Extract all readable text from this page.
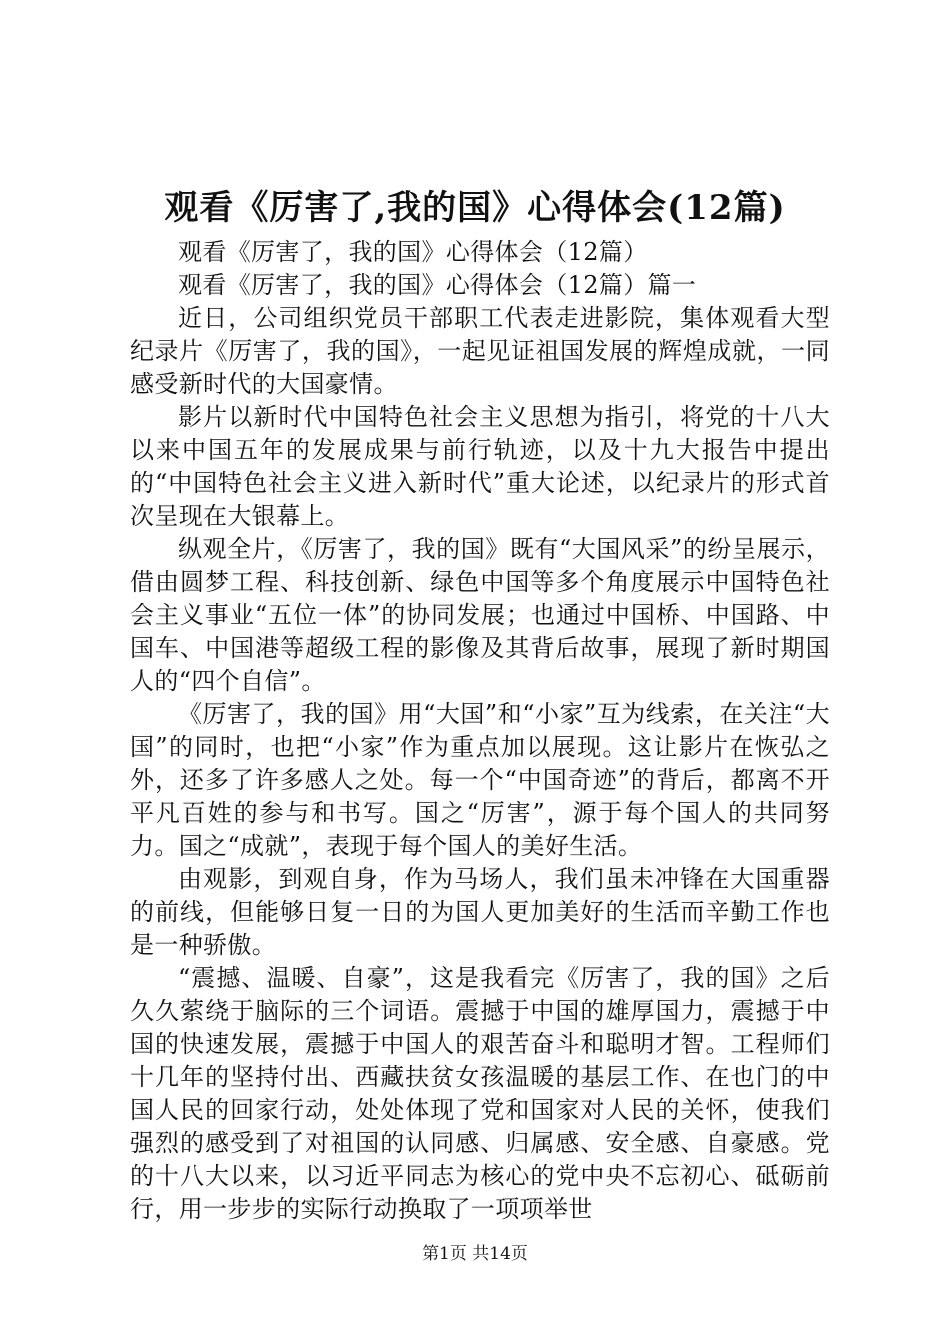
观看《厉害了,我的国》心得体会(12篇)

观看《厉害了，我的国》心得体会（12篇）

观看《厉害了，我的国》心得体会（12篇）篇一

近日，公司组织党员干部职工代表走进影院，集体观看大型纪录片《厉害了，我的国》，一起见证祖国发展的辉煌成就，一同感受新时代的大国豪情。

影片以新时代中国特色社会主义思想为指引，将党的十八大以来中国五年的发展成果与前行轨迹，以及十九大报告中提出的“中国特色社会主义进入新时代”重大论述，以纪录片的形式首次呈现在大银幕上。

纵观全片，《厉害了，我的国》既有“大国风采”的纷呈展示，借由圆梦工程、科技创新、绿色中国等多个角度展示中国特色社会主义事业“五位一体”的协同发展；也通过中国桥、中国路、中国车、中国港等超级工程的影像及其背后故事，展现了新时期国人的“四个自信”。

《厉害了，我的国》用“大国”和“小家”互为线索，在关注“大国”的同时，也把“小家”作为重点加以展现。这让影片在恢弘之外，还多了许多感人之处。每一个“中国奇迹”的背后，都离不开平凡百姓的参与和书写。国之“厉害”，源于每个国人的共同努力。国之“成就”，表现于每个国人的美好生活。

由观影，到观自身，作为马场人，我们虽未冲锋在大国重器的前线，但能够日复一日的为国人更加美好的生活而辛勤工作也是一种骄傲。

“震撼、温暖、自豪”，这是我看完《厉害了，我的国》之后久久萦绕于脑际的三个词语。震撼于中国的雄厚国力，震撼于中国的快速发展，震撼于中国人的艰苦奋斗和聪明才智。工程师们十几年的坚持付出、西藏扶贫女孩温暖的基层工作、在也门的中国人民的回家行动，处处体现了党和国家对人民的关怀，使我们强烈的感受到了对祖国的认同感、归属感、安全感、自豪感。党的十八大以来，以习近平同志为核心的党中央不忘初心、砥砺前行，用一步步的实际行动换取了一项项举世

第1页 共14页
